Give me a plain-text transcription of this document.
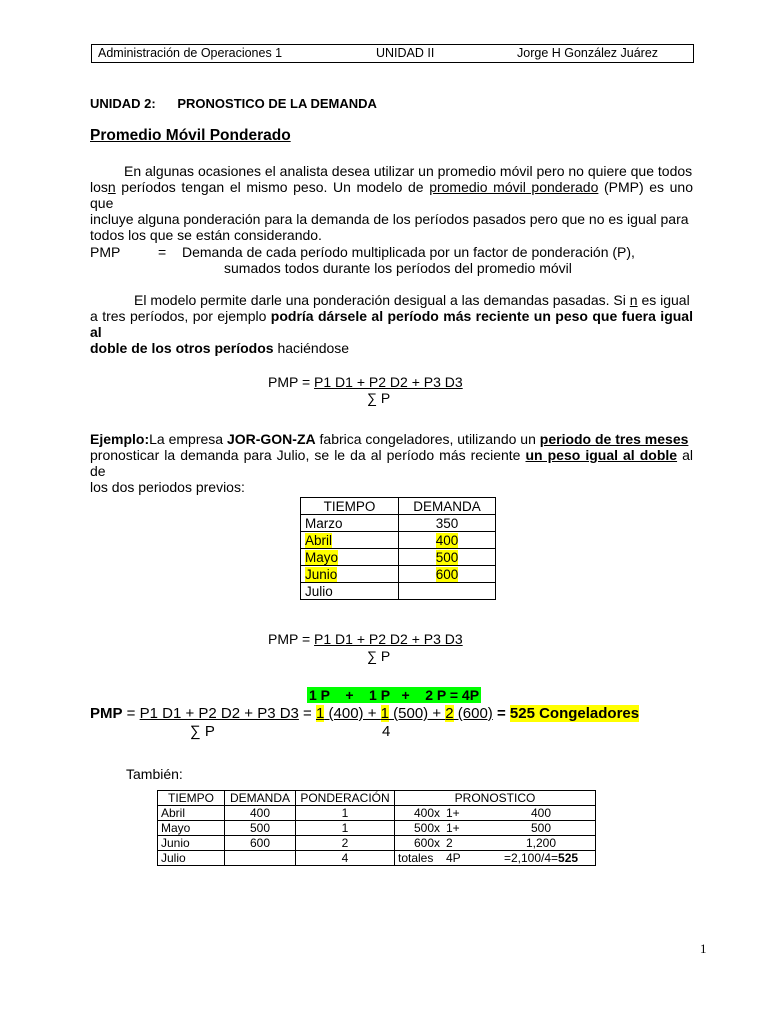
Administración de Operaciones 1	UNIDAD II	Jorge H González Juárez
UNIDAD 2: PRONOSTICO DE LA DEMANDA
Promedio Móvil Ponderado
En algunas ocasiones el analista desea utilizar un promedio móvil pero no quiere que todos
losn períodos tengan el mismo peso. Un modelo de promedio móvil ponderado (PMP) es uno que
incluye alguna ponderación para la demanda de los períodos pasados pero que no es igual para
todos los que se están considerando.
PMP	= Demanda de cada período multiplicada por un factor de ponderación (P),
sumados todos durante los períodos del promedio móvil
El modelo permite darle una ponderación desigual a las demandas pasadas. Si n es igual
a tres períodos, por ejemplo podría dársele al período más reciente un peso que fuera igual al
doble de los otros períodos haciéndose
PMP = P1 D1 + P2 D2 + P3 D3
∑ P
Ejemplo:La empresa JOR-GON-ZA fabrica congeladores, utilizando un periodo de tres meses
pronosticar la demanda para Julio, se le da al período más reciente un peso igual al doble al de
los dos periodos previos:
TIEMPO	DEMANDA
Marzo	350
Abril	400
Mayo	500
Junio	600
Julio	
PMP = P1 D1 + P2 D2 + P3 D3
∑ P
1 P    +    1 P   +    2 P = 4P
PMP = P1 D1 + P2 D2 + P3 D3 = 1 (400) + 1 (500) + 2 (600) = 525 Congeladores
∑ P	4
También:
TIEMPO	DEMANDA	PONDERACIÓN	PRONOSTICO		
Abril	400	1	400x	1+	400
Mayo	500	1	500x	1+	500
Junio	600	2	600x	2	1,200
Julio		4	totales	4P	=2,100/4=525
1
